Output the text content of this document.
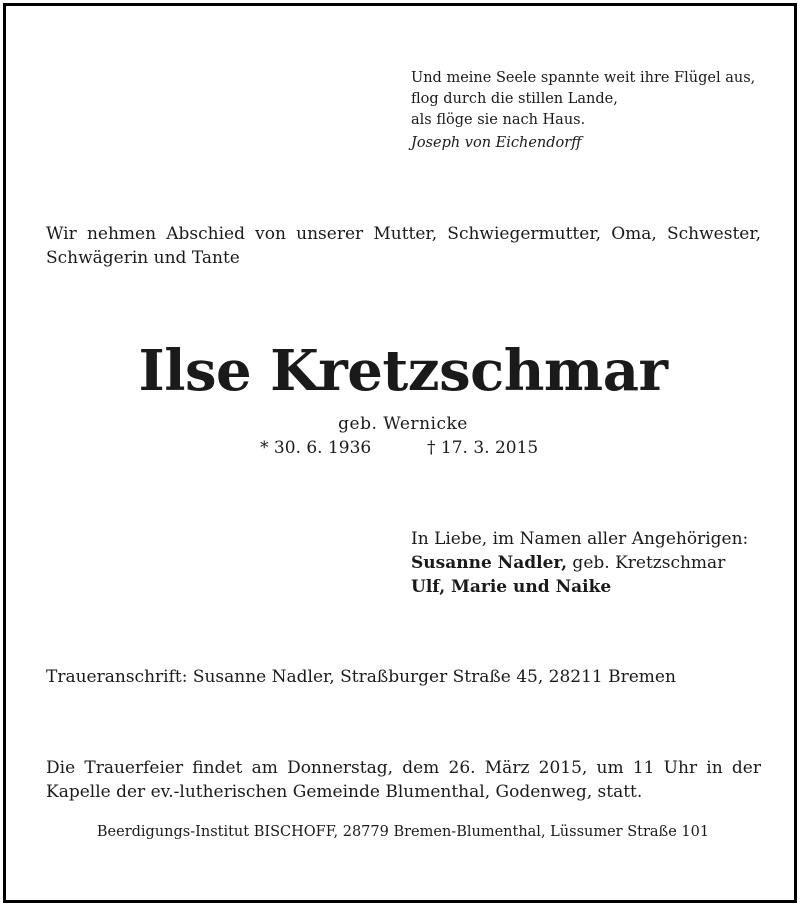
Und meine Seele spannte weit ihre Flügel aus,
flog durch die stillen Lande,
als flöge sie nach Haus.
Joseph von Eichendorff
Wir nehmen Abschied von unserer Mutter, Schwiegermutter, Oma, Schwester,
Schwägerin und Tante
Ilse Kretzschmar
geb. Wernicke
* 30. 6. 1936	† 17. 3. 2015
In Liebe, im Namen aller Angehörigen:
Susanne Nadler, geb. Kretzschmar
Ulf, Marie und Naike
Traueranschrift: Susanne Nadler, Straßburger Straße 45, 28211 Bremen
Die Trauerfeier findet am Donnerstag, dem 26. März 2015, um 11 Uhr in der
Kapelle der ev.-lutherischen Gemeinde Blumenthal, Godenweg, statt.
Beerdigungs-Institut BISCHOFF, 28779 Bremen-Blumenthal, Lüssumer Straße 101
